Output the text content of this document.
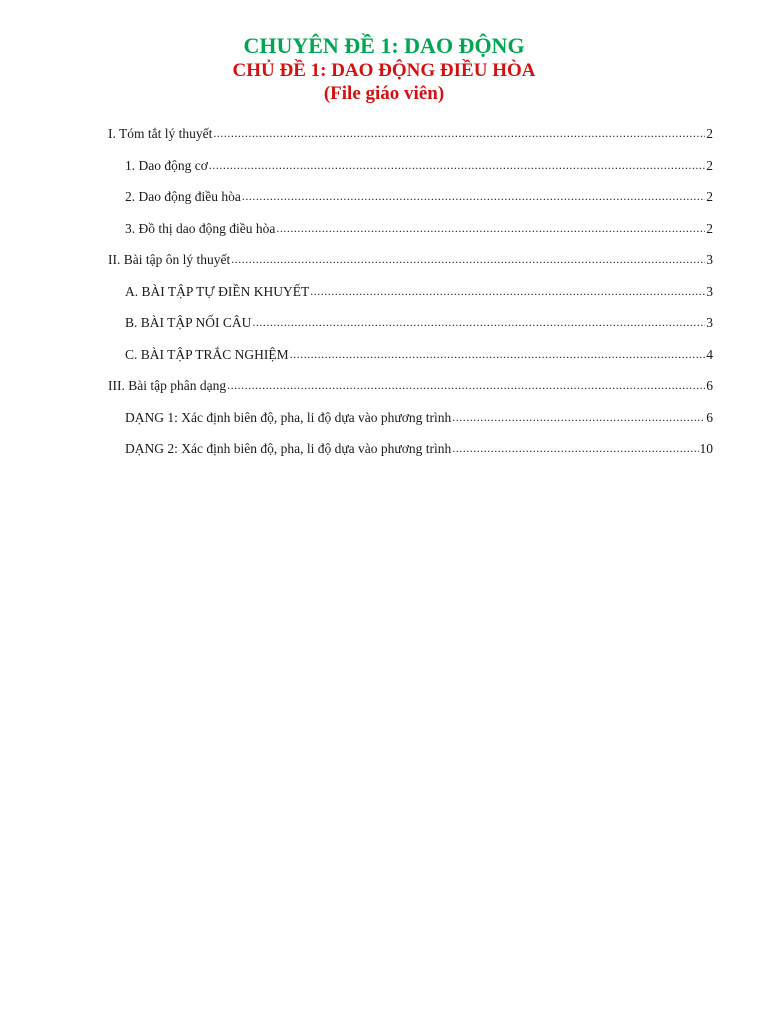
CHUYÊN ĐỀ 1: DAO ĐỘNG
CHỦ ĐỀ 1: DAO ĐỘNG ĐIỀU HÒA
(File giáo viên)
I. Tóm tắt lý thuyết .....	2
1. Dao động cơ .....	2
2. Dao động điều hòa .....	2
3. Đồ thị dao động điều hòa .....	2
II. Bài tập ôn lý thuyết .....	3
A. BÀI TẬP TỰ ĐIỀN KHUYẾT .....	3
B. BÀI TẬP NỐI CÂU .....	3
C. BÀI TẬP TRẮC NGHIỆM .....	4
III. Bài tập phân dạng .....	6
DẠNG 1: Xác định biên độ, pha, li độ dựa vào phương trình .....	6
DẠNG 2: Xác định biên độ, pha, li độ dựa vào phương trình .....	10
